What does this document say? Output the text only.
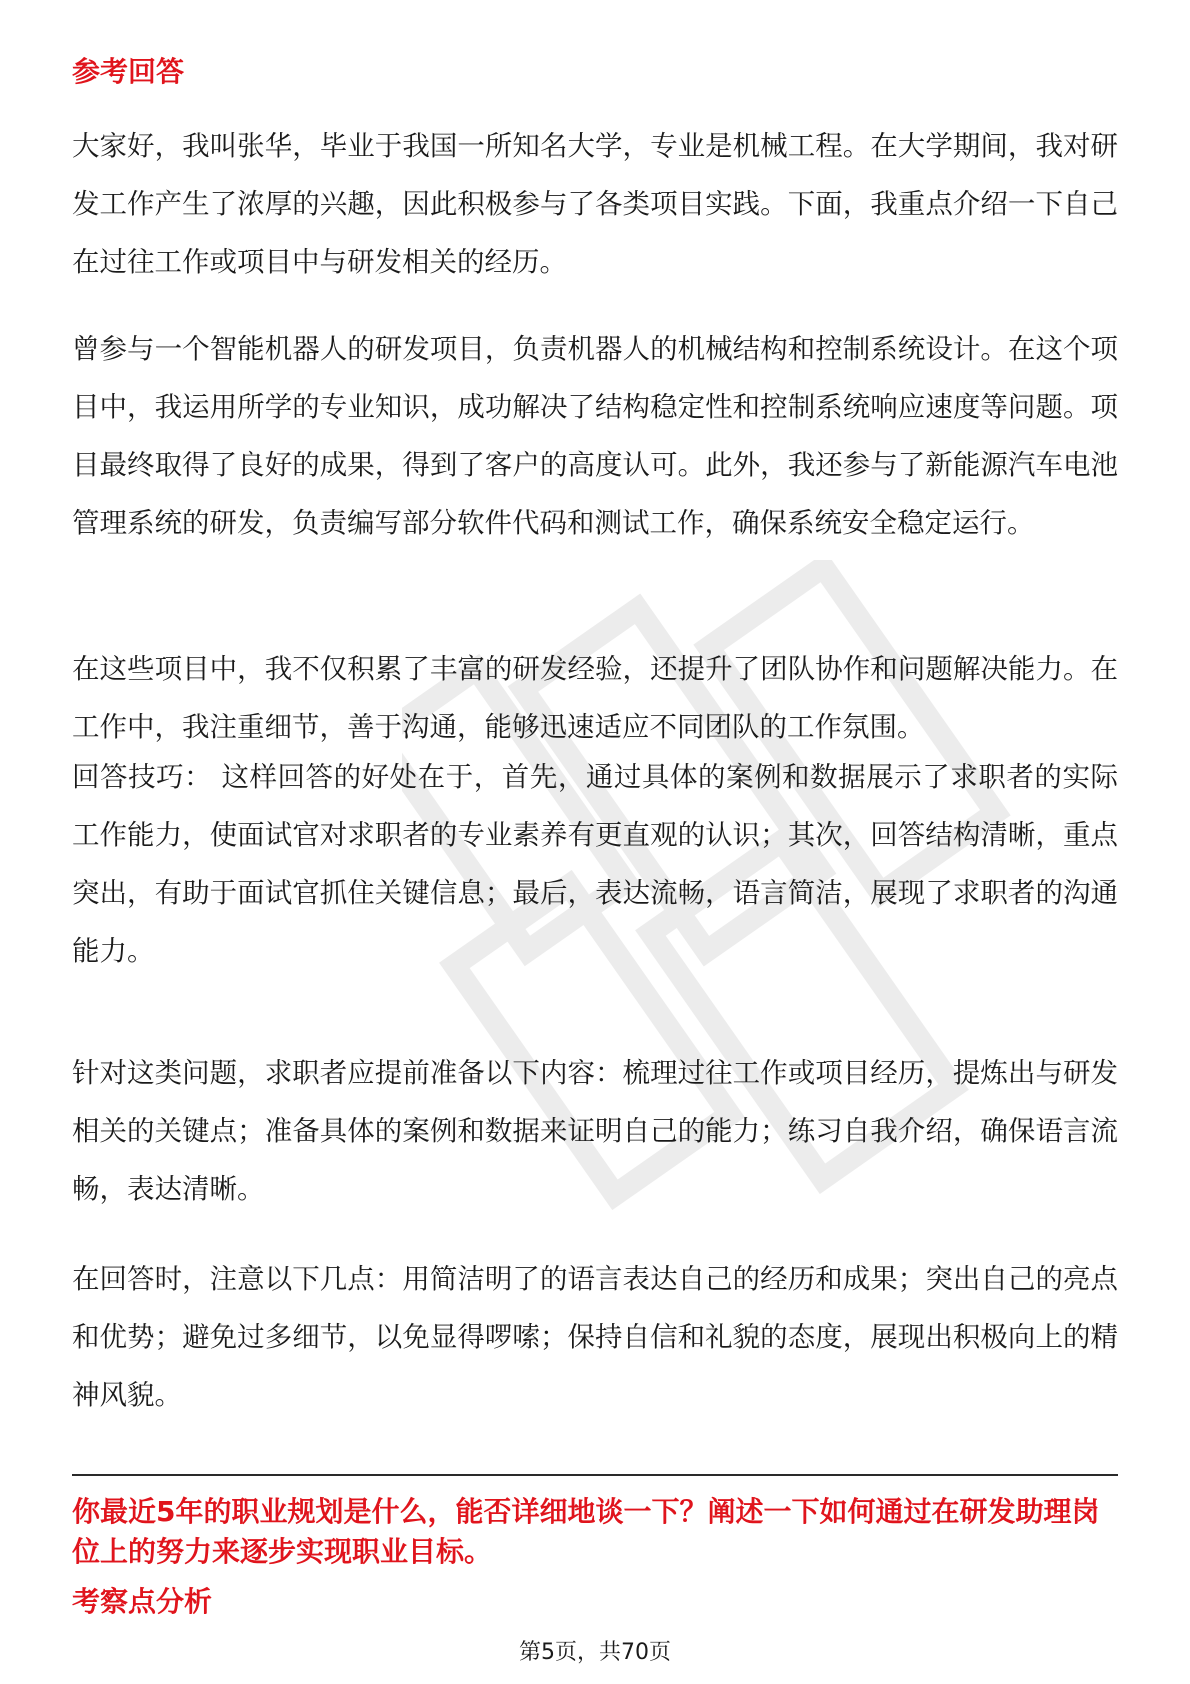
参考回答

大家好，我叫张华，毕业于我国一所知名大学，专业是机械工程。在大学期间，我对研发工作产生了浓厚的兴趣，因此积极参与了各类项目实践。下面，我重点介绍一下自己在过往工作或项目中与研发相关的经历。

曾参与一个智能机器人的研发项目，负责机器人的机械结构和控制系统设计。在这个项目中，我运用所学的专业知识，成功解决了结构稳定性和控制系统响应速度等问题。项目最终取得了良好的成果，得到了客户的高度认可。此外，我还参与了新能源汽车电池管理系统的研发，负责编写部分软件代码和测试工作，确保系统安全稳定运行。

在这些项目中，我不仅积累了丰富的研发经验，还提升了团队协作和问题解决能力。在工作中，我注重细节，善于沟通，能够迅速适应不同团队的工作氛围。

回答技巧： 这样回答的好处在于，首先，通过具体的案例和数据展示了求职者的实际工作能力，使面试官对求职者的专业素养有更直观的认识；其次，回答结构清晰，重点突出，有助于面试官抓住关键信息；最后，表达流畅，语言简洁，展现了求职者的沟通能力。

针对这类问题，求职者应提前准备以下内容：梳理过往工作或项目经历，提炼出与研发相关的关键点；准备具体的案例和数据来证明自己的能力；练习自我介绍，确保语言流畅，表达清晰。

在回答时，注意以下几点：用简洁明了的语言表达自己的经历和成果；突出自己的亮点和优势；避免过多细节，以免显得啰嗦；保持自信和礼貌的态度，展现出积极向上的精神风貌。

你最近5年的职业规划是什么，能否详细地谈一下？阐述一下如何通过在研发助理岗位上的努力来逐步实现职业目标。
考察点分析
第5页，共70页
